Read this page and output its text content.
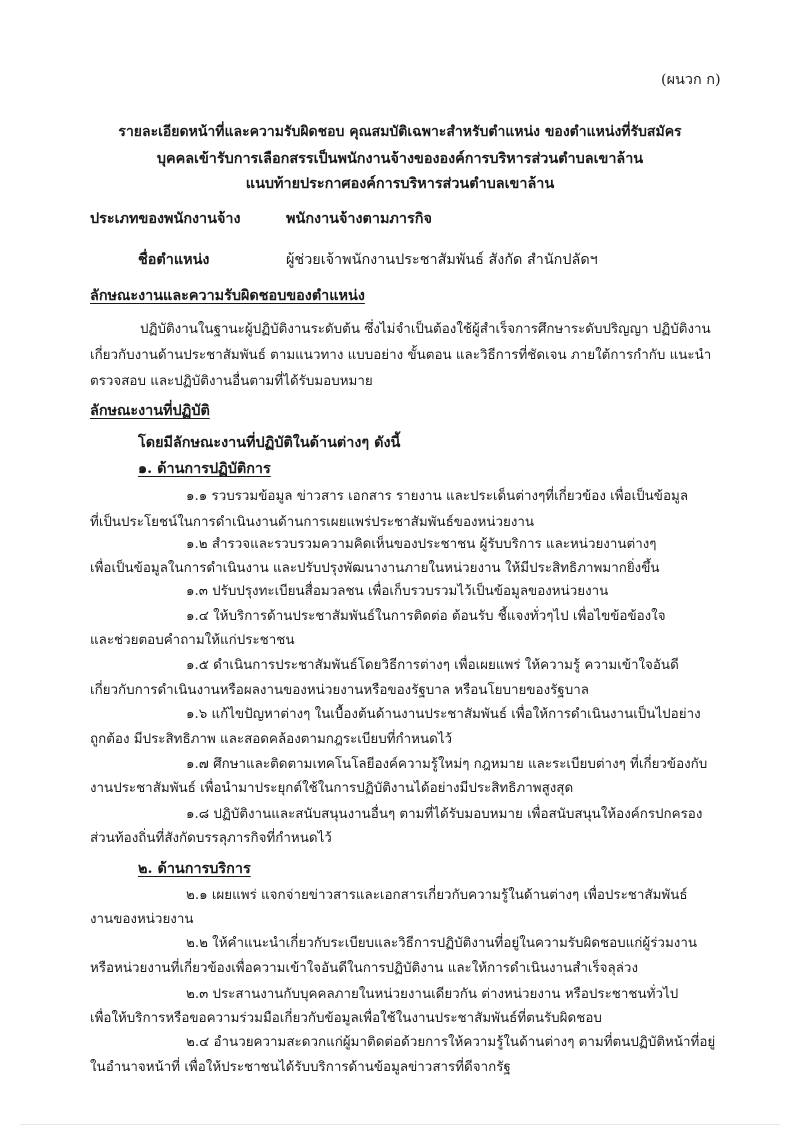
(ผนวก ก)
รายละเอียดหน้าที่และความรับผิดชอบ คุณสมบัติเฉพาะสำหรับตำแหน่ง ของตำแหน่งที่รับสมัคร
บุคคลเข้ารับการเลือกสรรเป็นพนักงานจ้างขององค์การบริหารส่วนตำบลเขาล้าน
แนบท้ายประกาศองค์การบริหารส่วนตำบลเขาล้าน
ประเภทของพนักงานจ้าง	พนักงานจ้างตามภารกิจ
ชื่อตำแหน่ง	ผู้ช่วยเจ้าพนักงานประชาสัมพันธ์ สังกัด สำนักปลัดฯ
ลักษณะงานและความรับผิดชอบของตำแหน่ง
ปฏิบัติงานในฐานะผู้ปฏิบัติงานระดับต้น ซึ่งไม่จำเป็นต้องใช้ผู้สำเร็จการศึกษาระดับปริญญา ปฏิบัติงาน
เกี่ยวกับงานด้านประชาสัมพันธ์ ตามแนวทาง แบบอย่าง ขั้นตอน และวิธีการที่ชัดเจน ภายใต้การกำกับ แนะนำ
ตรวจสอบ และปฏิบัติงานอื่นตามที่ได้รับมอบหมาย
ลักษณะงานที่ปฏิบัติ
โดยมีลักษณะงานที่ปฏิบัติในด้านต่างๆ ดังนี้
๑. ด้านการปฏิบัติการ
๑.๑ รวบรวมข้อมูล ข่าวสาร เอกสาร รายงาน และประเด็นต่างๆที่เกี่ยวข้อง เพื่อเป็นข้อมูล
ที่เป็นประโยชน์ในการดำเนินงานด้านการเผยแพร่ประชาสัมพันธ์ของหน่วยงาน
๑.๒ สำรวจและรวบรวมความคิดเห็นของประชาชน ผู้รับบริการ และหน่วยงานต่างๆ
เพื่อเป็นข้อมูลในการดำเนินงาน และปรับปรุงพัฒนางานภายในหน่วยงาน ให้มีประสิทธิภาพมากยิ่งขึ้น
๑.๓ ปรับปรุงทะเบียนสื่อมวลชน เพื่อเก็บรวบรวมไว้เป็นข้อมูลของหน่วยงาน
๑.๔ ให้บริการด้านประชาสัมพันธ์ในการติดต่อ ต้อนรับ ชี้แจงทั่วๆไป เพื่อไขข้อข้องใจ
และช่วยตอบคำถามให้แก่ประชาชน
๑.๕ ดำเนินการประชาสัมพันธ์โดยวิธีการต่างๆ เพื่อเผยแพร่ ให้ความรู้ ความเข้าใจอันดี
เกี่ยวกับการดำเนินงานหรือผลงานของหน่วยงานหรือของรัฐบาล หรือนโยบายของรัฐบาล
๑.๖ แก้ไขปัญหาต่างๆ ในเบื้องต้นด้านงานประชาสัมพันธ์ เพื่อให้การดำเนินงานเป็นไปอย่าง
ถูกต้อง มีประสิทธิภาพ และสอดคล้องตามกฎระเบียบที่กำหนดไว้
๑.๗ ศึกษาและติดตามเทคโนโลยีองค์ความรู้ใหม่ๆ กฎหมาย และระเบียบต่างๆ ที่เกี่ยวข้องกับ
งานประชาสัมพันธ์ เพื่อนำมาประยุกต์ใช้ในการปฏิบัติงานได้อย่างมีประสิทธิภาพสูงสุด
๑.๘ ปฏิบัติงานและสนับสนุนงานอื่นๆ ตามที่ได้รับมอบหมาย เพื่อสนับสนุนให้องค์กรปกครอง
ส่วนท้องถิ่นที่สังกัดบรรลุภารกิจที่กำหนดไว้
๒. ด้านการบริการ
๒.๑ เผยแพร่ แจกจ่ายข่าวสารและเอกสารเกี่ยวกับความรู้ในด้านต่างๆ เพื่อประชาสัมพันธ์
งานของหน่วยงาน
๒.๒ ให้คำแนะนำเกี่ยวกับระเบียบและวิธีการปฏิบัติงานที่อยู่ในความรับผิดชอบแก่ผู้ร่วมงาน
หรือหน่วยงานที่เกี่ยวข้องเพื่อความเข้าใจอันดีในการปฏิบัติงาน และให้การดำเนินงานสำเร็จลุล่วง
๒.๓ ประสานงานกับบุคคลภายในหน่วยงานเดียวกัน ต่างหน่วยงาน หรือประชาชนทั่วไป
เพื่อให้บริการหรือขอความร่วมมือเกี่ยวกับข้อมูลเพื่อใช้ในงานประชาสัมพันธ์ที่ตนรับผิดชอบ
๒.๔ อำนวยความสะดวกแก่ผู้มาติดต่อด้วยการให้ความรู้ในด้านต่างๆ ตามที่ตนปฏิบัติหน้าที่อยู่
ในอำนาจหน้าที่ เพื่อให้ประชาชนได้รับบริการด้านข้อมูลข่าวสารที่ดีจากรัฐ
